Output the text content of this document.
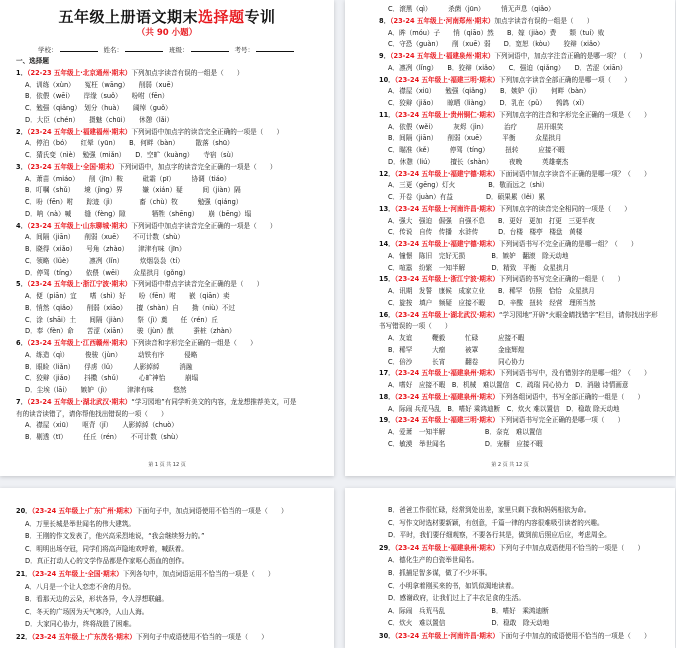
五年级上册语文期末选择题专训
（共 90 小题）
学校：	姓名：	班级：	考号：
一、选择题
1．（22-23 五年级上·北京通州·期末）下列加点字读音有误的一组是（　　）
A．训练（xùn）　　冤枉（wāng）　　削弱（xuē）
B．依偎（wēi）　　岸缘（suǒ）　　吩咐（fēn）
C．勉强（qiǎng）　划分（huà）　　阔绰（guǒ）
D．大臣（chén）　　摄魅（chūi）　　休憩（lǎi）
2．（23-24 五年级上·福建福州·期末）下列词语中加点字的读音完全正确的一项是（　　）
A．停泊（bó）　　红晕（yūn）　　B．何畔（bàn）　　　散落（shū）
C．猜氏变（nìè）　勉强（miǎn）　　D．空旷（kuàng）　　寺宿（sù）
3．（23-24 五年级上·全国·期末）下列词语中，加点字的读音完全正确的一项是（　　）
A．萧苗（miáo）　　削（jīn）鞍　　　砒霜（pī）　　　协调（tiáo）
B．叮嘱（shǔ）　　境（jìng）界　　　嫌（xián）疑　　　间（jiàn）隔
C．吩（fēn）咐　　踪迹（jì）　　　　畜（chù）牧　　　勉强（qiáng）
D．呐（nà）喊　　缝（fèng）隙　　　　牺牲（shēng）　　崩（bēng）塌
4．（23-24 五年级上·山东聊城·期末）下列词语中加点字读音完全正确的一项是（　　）
A．间隔（jiān）　　削弱（xuē）　　不可计数（shù）
B．晓得（xiǎo）　　号角（zhào）　　津津有味（jīn）
C．领略（lüè）　　　凛冽（lǐn）　　　炊烟袅袅（tí）
D．停驾（tíng）　　依偎（wēi）　　众星拱月（gǒng）
5．（23-24 五年级上·浙江宁波·期末）下列词语中带点字读音完全正确的是（　　）
A．便（piān）宜　　嗜（shì）好　　吩（fēn）咐　　嵌（qiān）卖
B．悄然（qiǎo）　　削弱（xiāo）　　擅（shàn）自　　拗（niù）不过
C．涂（shāi）土　　间隔（jiàn）　　祭（jì）奠　　任（rén）丘
D．奉（fèn）命　　苦涩（xiān）　　骏（jùn）猷　　　蚕桩（zhàn）
6．（23-24 五年级上·江西赣州·期末）下列读音和字形完全正确的一组是（　　）
A．练造（qì）　　　俊骏（jùn）　　　动铁有序　　　侵略
B．眼睑（liǎn）　　俘虏（lǔ）　　　人影綽綽　　　消融
C．狡辩（jiǎo）　　抖擞（shǔ）　　　心旷神怡　　　崩塌
D．尘埃（lāi）　　嫉妒（jì）　　　津津有味　　　悠然
7．（23-24 五年级上·湖北武汉·期末）“学习园地”有同学听美文的内容，龙龙想推荐美文，可是
有的读音读错了，请你帮他找出错误的一项（　　）
A．襟屋（xiū）　　呕背（jǐ）　　人影綽綽（chuò）
B．剔透（tī）　　　任丘（rén）　　不可计数（shù）
第 1 页 共 12 页
C．滚黑（qì）　　　杀菌（jūn）　　　悄无声息（qiǎo）
8．（23-24 五年级上·河南郑州·期末）加点字读音有误的一组是（　　）
A．眸（móu）子　　悄（qiāo）然　　B．嫁（jiào）费　　颓（tuí）败
C．守恐（guàn）　　削（xuē）弱　　D．宽恕（kòu）　　狡辩（xiǎo）
9．（23-24 五年级上·福建泉州·期末）下列词语中，加点字注音正确的是哪一项？（　　）
A．凛冽（lǐng）　　B．狡辩（xiǎo）　　C．强迫（qiǎng）　　D．苦涩（xiān）
10．（23-24 五年级上·福建三明·期末）下列加点字读音全部正确的是哪一项（　　）
A．襟屋（xiū）　　勉强（qiǎng）　　B．嫉妒（jì）　　何畔（bàn）
C．狡辩（jiǎo）　　晾晒（liàng）　　D．乳在（pǔ）　　鹁鸽（xǐ）
11．（23-24 五年级上·贵州铜仁·期末）下列加点字的注音和字形完全正确的一项是（　　）
A．依偎（wěi）　　　灰烬（jìn）　　　治疗　　　居开眼笑
B．间隔（jiān）　　削弱（xuē）　　　平衡　　　众星拱月
C．瞄准（kě）　　　停驾（tíng）　　　扭转　　　应接不暇
D．休憩（liú）　　　擅长（shàn）　　　夜晚　　　英雄豪杰
12．（23-24 五年级上·福建宁德·期末）下面词语中加点字读音不正确的是哪一项？（　　）
A．三更（gēng）灯火　　　　　B．敬而远之（shì）
C．开卷（juàn）有益　　　　　D．硕果累（lěi）累
13．（23-24 五年级上·河南许昌·期末）下列加点字的读音完全相同的一项是（　　）
A．强大　强迫　倔强　自强不息　　B．更好　更加　打更　三更半夜
C．传说　自传　传播　水浒传　　　D．台楼　楼亭　楼盘　黄楼
14．（23-24 五年级上·福建宁德·期末）下列词语书写不完全正确的是哪一组？（　　）
A．憧憬　陈旧　完好无损　　　　B．嫉妒　翻滚　除天动地
C．喧嚣　纷繁　一知半解　　　　D．精致　平衡　众星拱月
15．（23-24 五年级上·浙江宁波·期末）下列词语的书写完全正确的一组是（　　）
A．讯期　发誓　康候　成家立业　　B．稀罕　仿照　恰恰　众星拱月
C．旋按　填户　频疑　应接不暇　　D．辛酸　扭转　经营　理所当然
16．（23-24 五年级上·湖北武汉·期末）“学习园地”开辟“火眼金睛找错字”栏目，请你找出字形
书写错误的一项（　　）
A．友谊　　　鞭毅　　　忙碌　　　应接不暇
B．稀罕　　　大瘤　　　被罩　　　金座辉煌
C．倍沙　　　长宵　　　翻卷　　　同心协力
17．（23-24 五年级上·福建泉州·期末）下列词语书写中，没有错别字的是哪一组？（　　）
A．嗜好　应接不暇　B．机械　难以置信　C．疏瑞 同心协力　D．消融 诗情画意
18．（23-24 五年级上·福建泉州·期末）下列各组词语中，书写全部正确的一组是（　　）
A．际闹 兵荒马乱　B．嗜好 乘鸿迪断　C．炊火 难以置信　D．稳敢 除天动地
19．（23-24 五年级上·福建三明·期末）下列词语书写完全正确的是哪一项（　　）
A．爱萧　一知半解　　　　　　B．奈克　难以置信
C．敏漠　举世闻名　　　　　　D．宠橱　应接不暇
第 2 页 共 12 页
20．（23-24 五年级上·广东广州·期末）下面句子中，加点词语使用不恰当的一项是（　　）
A．万里长城是举世闻名的伟大建筑。
B．王刚的作文发表了，他兴高采烈地说，“我会继续努力的。”
C．明明出场夺冠，同学们将高声隐地欢呼着，喊跃着。
D．真正打动人心的文学作品都是作家呕心沥血的创作。
21．（23-24 五年级上·全国·期末）下列各句中，加点词语运用不恰当的一项是（　　）
A．八月是一个让人恋恋不舍的月份。
B．看那天边的云朵，形状各异，令人浮想联翩。
C．冬天的广场因为天气寒冷，人山人海。
D．大家同心协力，终将战胜了困难。
22．（23-24 五年级上·广东茂名·期末）下列句子中成语使用不恰当的一项是（　　）
B．爸爸工作很忙碌，经常到处出差，家里只剩下我和妈妈相依为命。
C．写作文时选材要新颖，有创意，千篇一律的内容很难吸引读者的兴趣。
D．平时，我们要仔细观察，不要各行其是，做到前后照应后应，考虑周全。
29．（23-24 五年级上·福建泉州·期末）下列句子中加点成语使用不恰当的一项是（　　）
A．德化生产的白瓷举世闻名。
B．抓捕足智多谋，做了不少坏事。
C．小明拿着刚买来的书，如饥似渴地读着。
D．感谢政府，让我们过上了丰衣足食的生活。
A．际闹　兵荒马乱　　　　　　　B．嗜好　乘鸿迪断
C．炊火　难以置信　　　　　　　D．稳敢　除天动地
30．（23-24 五年级上·河南许昌·期末）下面句子中加点的成语使用不恰当的一项是（　　）
